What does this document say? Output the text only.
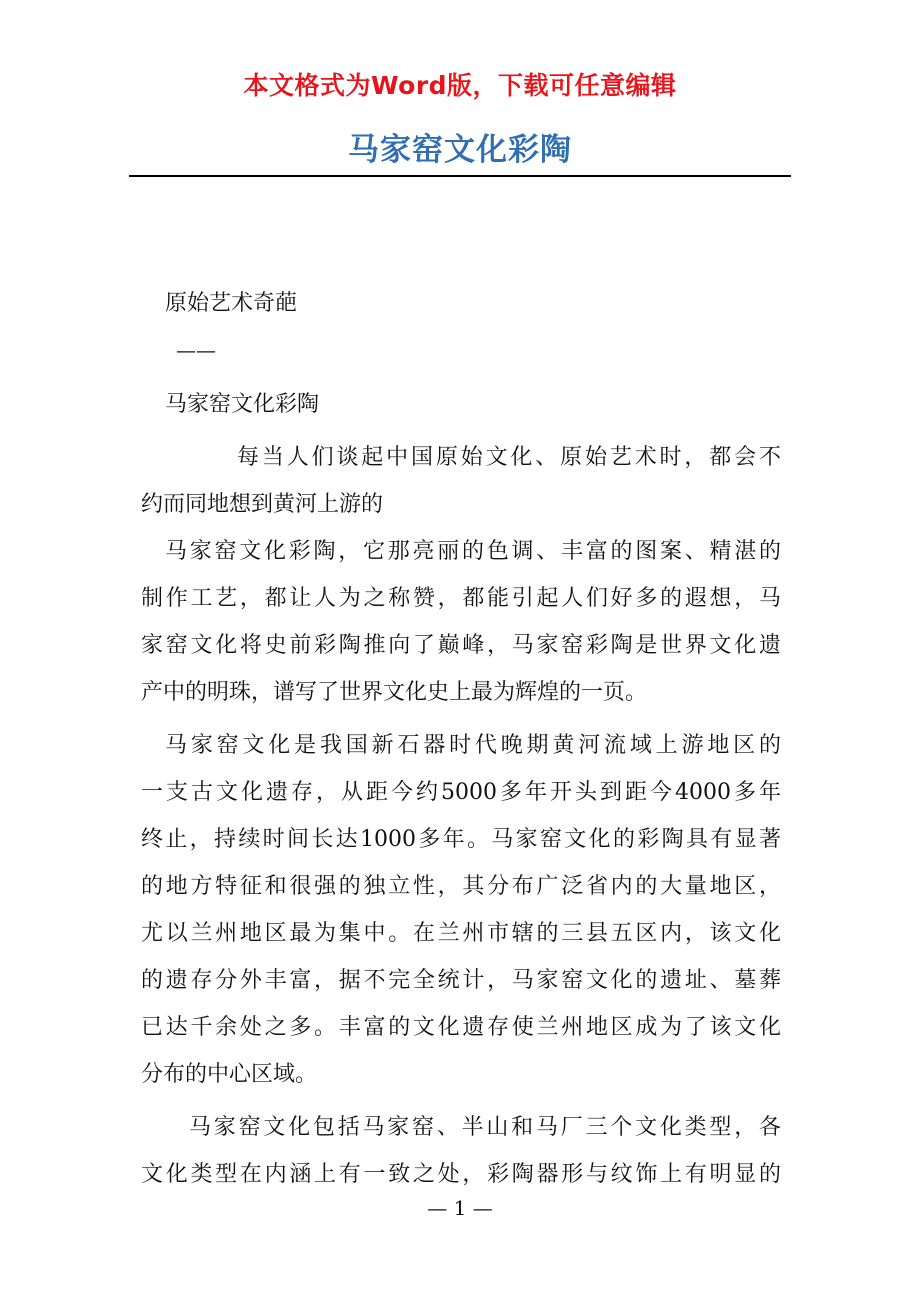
本文格式为Word版，下载可任意编辑
马家窑文化彩陶
原始艺术奇葩
——
马家窑文化彩陶
每当人们谈起中国原始文化、原始艺术时，都会不
约而同地想到黄河上游的
马家窑文化彩陶，它那亮丽的色调、丰富的图案、精湛的
制作工艺，都让人为之称赞，都能引起人们好多的遐想，马
家窑文化将史前彩陶推向了巅峰，马家窑彩陶是世界文化遗
产中的明珠，谱写了世界文化史上最为辉煌的一页。
马家窑文化是我国新石器时代晚期黄河流域上游地区的
一支古文化遗存，从距今约5000多年开头到距今4000多年
终止，持续时间长达1000多年。马家窑文化的彩陶具有显著
的地方特征和很强的独立性，其分布广泛省内的大量地区，
尤以兰州地区最为集中。在兰州市辖的三县五区内，该文化
的遗存分外丰富，据不完全统计，马家窑文化的遗址、墓葬
已达千余处之多。丰富的文化遗存使兰州地区成为了该文化
分布的中心区域。
马家窑文化包括马家窑、半山和马厂三个文化类型，各
文化类型在内涵上有一致之处，彩陶器形与纹饰上有明显的
— 1 —
